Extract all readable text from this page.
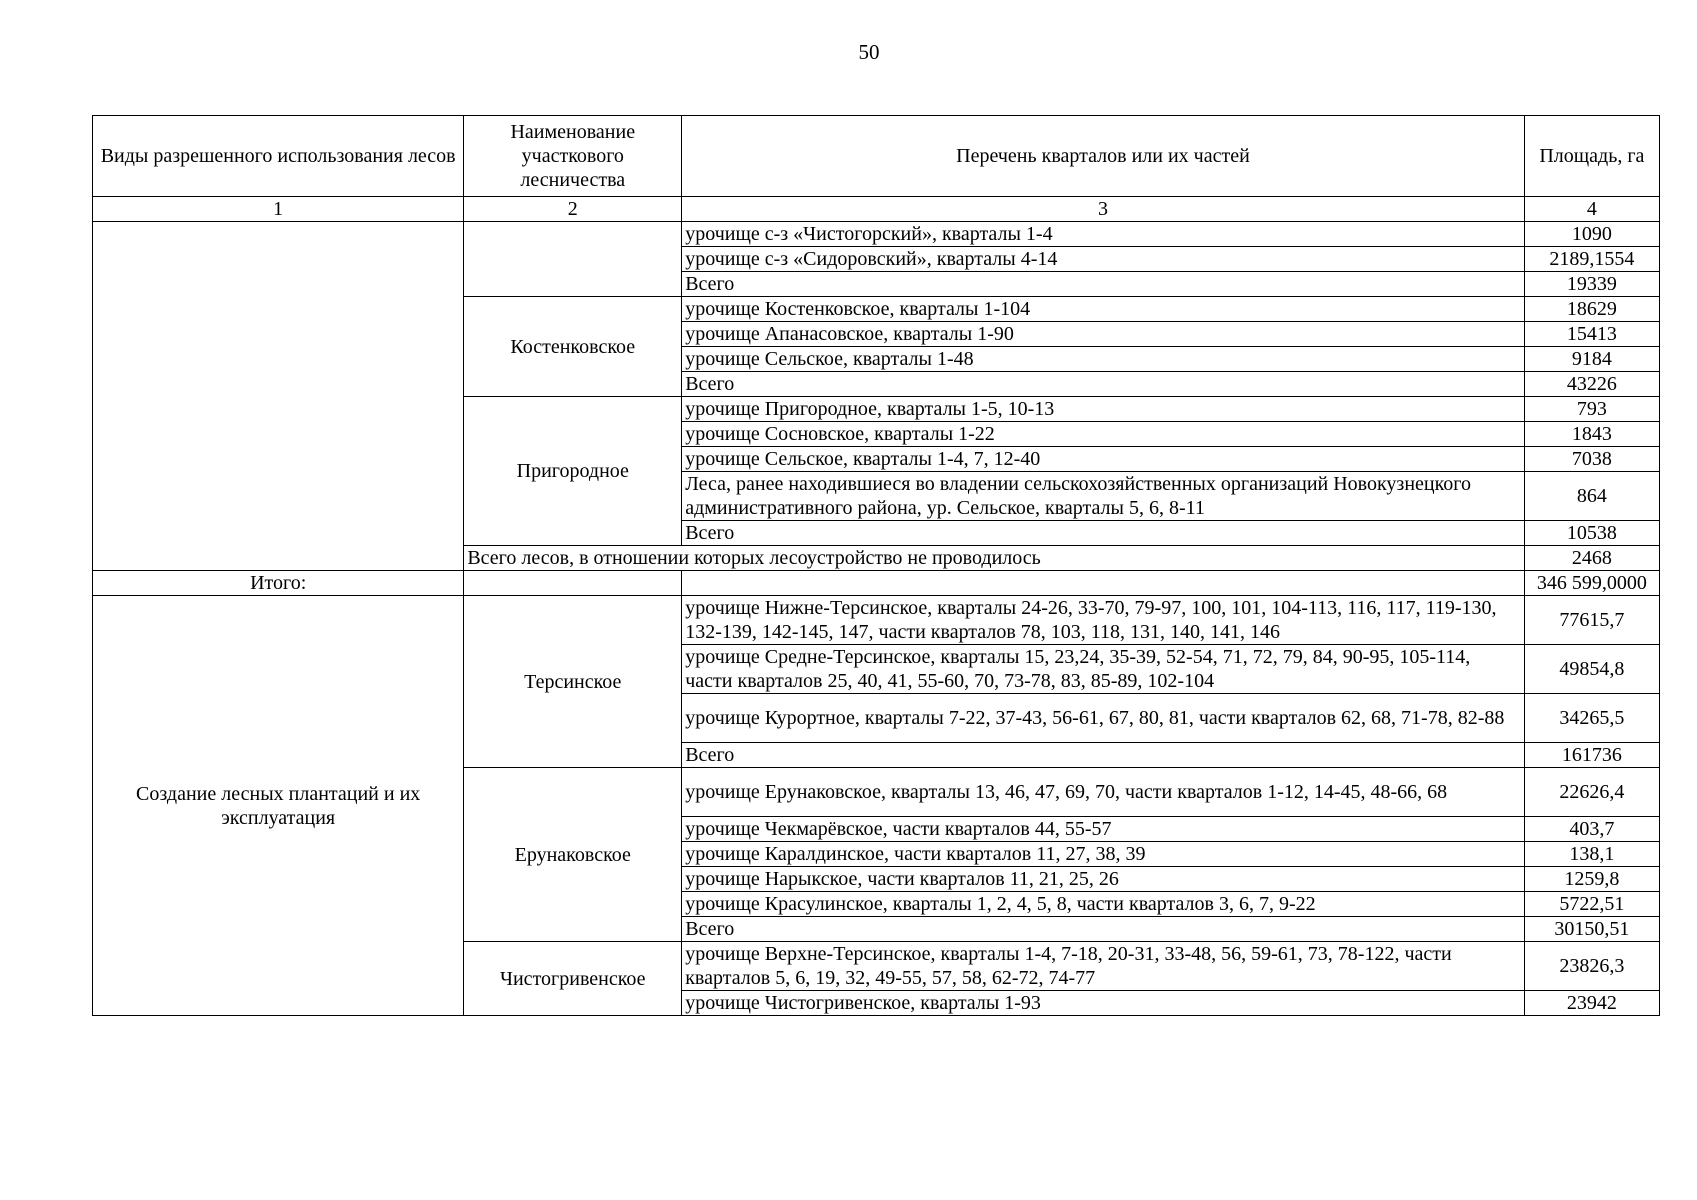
50
Виды разрешенного использования лесов	Наименование участкового лесничества	Перечень кварталов или их частей	Площадь, га
1	2	3	4
		урочище с-з «Чистогорский», кварталы 1-4	1090
		урочище с-з «Сидоровский», кварталы 4-14	2189,1554
		Всего	19339
	Костенковское	урочище Костенковское, кварталы 1-104	18629
		урочище Апанасовское, кварталы 1-90	15413
		урочище Сельское, кварталы 1-48	9184
		Всего	43226
	Пригородное	урочище Пригородное, кварталы 1-5, 10-13	793
		урочище Сосновское, кварталы 1-22	1843
		урочище Сельское, кварталы 1-4, 7, 12-40	7038
		Леса, ранее находившиеся во владении сельскохозяйственных организаций Новокузнецкого административного района, ур. Сельское, кварталы 5, 6, 8-11	864
		Всего	10538
	Всего лесов, в отношении которых лесоустройство не проводилось		2468
Итого:			346 599,0000
Создание лесных плантаций и их эксплуатация	Терсинское	урочище Нижне-Терсинское, кварталы 24-26, 33-70, 79-97, 100, 101, 104-113, 116, 117, 119-130, 132-139, 142-145, 147, части кварталов 78, 103, 118, 131, 140, 141, 146	77615,7
		урочище Средне-Терсинское, кварталы 15, 23,24, 35-39, 52-54, 71, 72, 79, 84, 90-95, 105-114, части кварталов 25, 40, 41, 55-60, 70, 73-78, 83, 85-89, 102-104	49854,8
		урочище Курортное, кварталы 7-22, 37-43, 56-61, 67, 80, 81, части кварталов 62, 68, 71-78, 82-88	34265,5
		Всего	161736
	Ерунаковское	урочище Ерунаковское, кварталы 13, 46, 47, 69, 70, части кварталов 1-12, 14-45, 48-66, 68	22626,4
		урочище Чекмарёвское, части кварталов 44, 55-57	403,7
		урочище Каралдинское, части кварталов 11, 27, 38, 39	138,1
		урочище Нарыкское, части кварталов 11, 21, 25, 26	1259,8
		урочище Красулинское, кварталы 1, 2, 4, 5, 8, части кварталов 3, 6, 7, 9-22	5722,51
		Всего	30150,51
	Чистогривенское	урочище Верхне-Терсинское, кварталы 1-4, 7-18, 20-31, 33-48, 56, 59-61, 73, 78-122, части кварталов 5, 6, 19, 32, 49-55, 57, 58, 62-72, 74-77	23826,3
		урочище Чистогривенское, кварталы 1-93	23942
